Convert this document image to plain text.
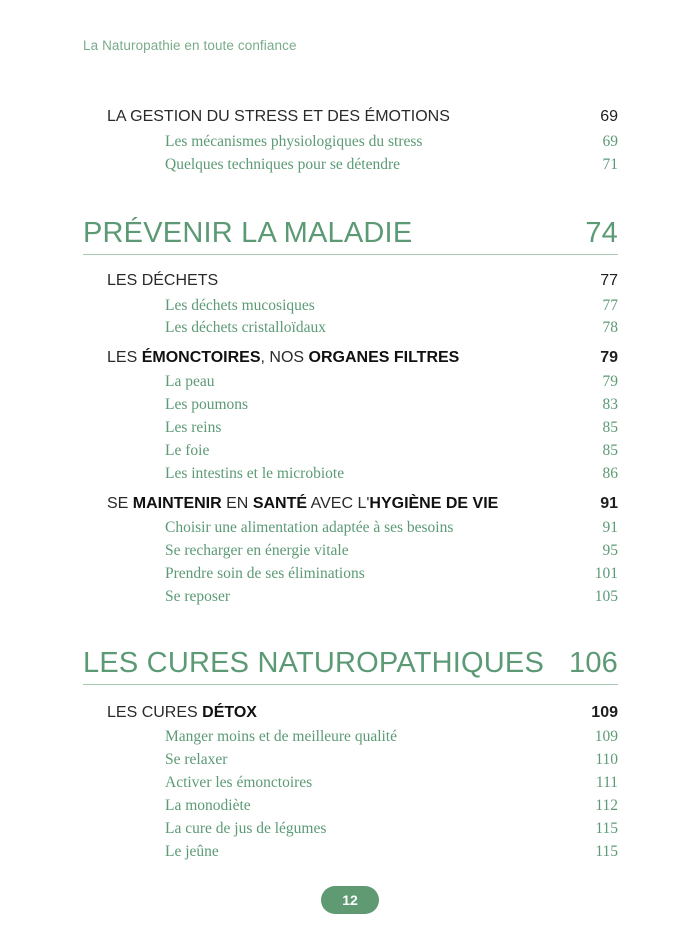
La Naturopathie en toute confiance
LA GESTION DU STRESS ET DES ÉMOTIONS	69
Les mécanismes physiologiques du stress	69
Quelques techniques pour se détendre	71
PRÉVENIR LA MALADIE	74
LES DÉCHETS	77
Les déchets mucosiques	77
Les déchets cristalloïdaux	78
LES ÉMONCTOIRES, NOS ORGANES FILTRES	79
La peau	79
Les poumons	83
Les reins	85
Le foie	85
Les intestins et le microbiote	86
SE MAINTENIR EN SANTÉ AVEC L'HYGIÈNE DE VIE	91
Choisir une alimentation adaptée à ses besoins	91
Se recharger en énergie vitale	95
Prendre soin de ses éliminations	101
Se reposer	105
LES CURES NATUROPATHIQUES 106
LES CURES DÉTOX	109
Manger moins et de meilleure qualité	109
Se relaxer	110
Activer les émonctoires	111
La monodiète	112
La cure de jus de légumes	115
Le jeûne	115
12
